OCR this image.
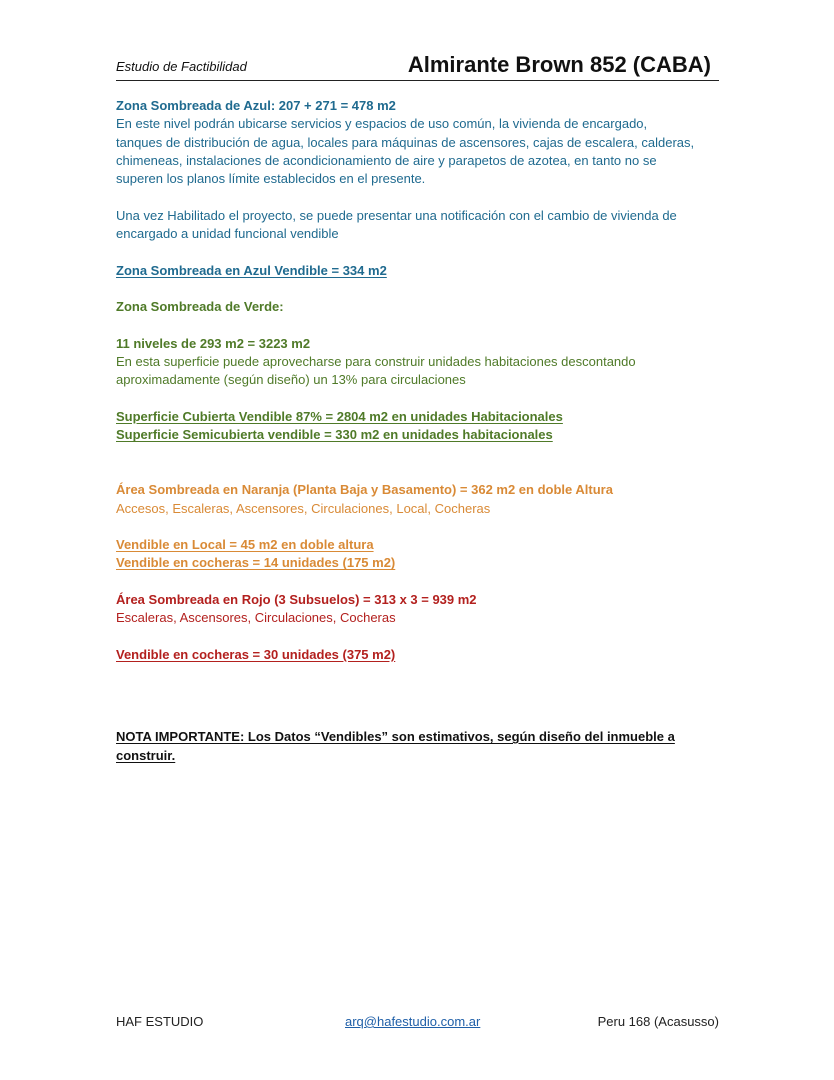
Estudio de Factibilidad	Almirante Brown 852 (CABA)
Zona Sombreada de Azul: 207 + 271 = 478 m2
En este nivel podrán ubicarse servicios y espacios de uso común, la vivienda de encargado,
tanques de distribución de agua, locales para máquinas de ascensores, cajas de escalera, calderas,
chimeneas, instalaciones de acondicionamiento de aire y parapetos de azotea, en tanto no se
superen los planos límite establecidos en el presente.
Una vez Habilitado el proyecto, se puede presentar una notificación con el cambio de vivienda de
encargado a unidad funcional vendible
Zona Sombreada en Azul Vendible = 334 m2
Zona Sombreada de Verde:
11 niveles de 293 m2 = 3223 m2
En esta superficie puede aprovecharse para construir unidades habitaciones descontando
aproximadamente (según diseño) un 13% para circulaciones
Superficie Cubierta Vendible 87% = 2804 m2 en unidades Habitacionales
Superficie Semicubierta vendible = 330 m2 en unidades habitacionales
Área Sombreada en Naranja (Planta Baja y Basamento) = 362 m2 en doble Altura
Accesos, Escaleras, Ascensores, Circulaciones, Local, Cocheras
Vendible en Local = 45 m2 en doble altura
Vendible en cocheras = 14 unidades (175 m2)
Área Sombreada en Rojo (3 Subsuelos) = 313 x 3 = 939 m2
Escaleras, Ascensores, Circulaciones, Cocheras
Vendible en cocheras = 30 unidades (375 m2)
NOTA IMPORTANTE: Los Datos “Vendibles” son estimativos, según diseño del inmueble a
construir.
HAF ESTUDIO	arq@hafestudio.com.ar	Peru 168 (Acasusso)
